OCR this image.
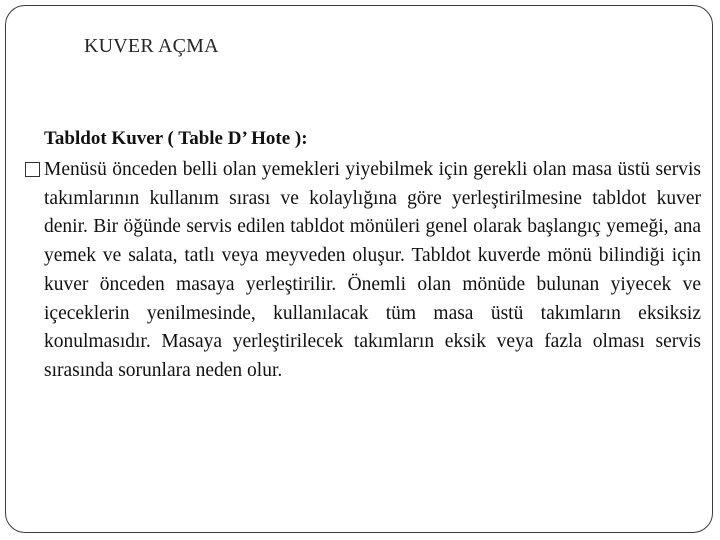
KUVER AÇMA
Tabldot Kuver ( Table D’ Hote ):

Menüsü önceden belli olan yemekleri yiyebilmek için gerekli olan masa üstü servis takımlarının kullanım sırası ve kolaylığına göre yerleştirilmesine tabldot kuver denir. Bir öğünde servis edilen tabldot mönüleri genel olarak başlangıç yemeği, ana yemek ve salata, tatlı veya meyveden oluşur. Tabldot kuverde mönü bilindiği için kuver önceden masaya yerleştirilir. Önemli olan mönüde bulunan yiyecek ve içeceklerin yenilmesinde, kullanılacak tüm masa üstü takımların eksiksiz konulmasıdır. Masaya yerleştirilecek takımların eksik veya fazla olması servis sırasında sorunlara neden olur.
